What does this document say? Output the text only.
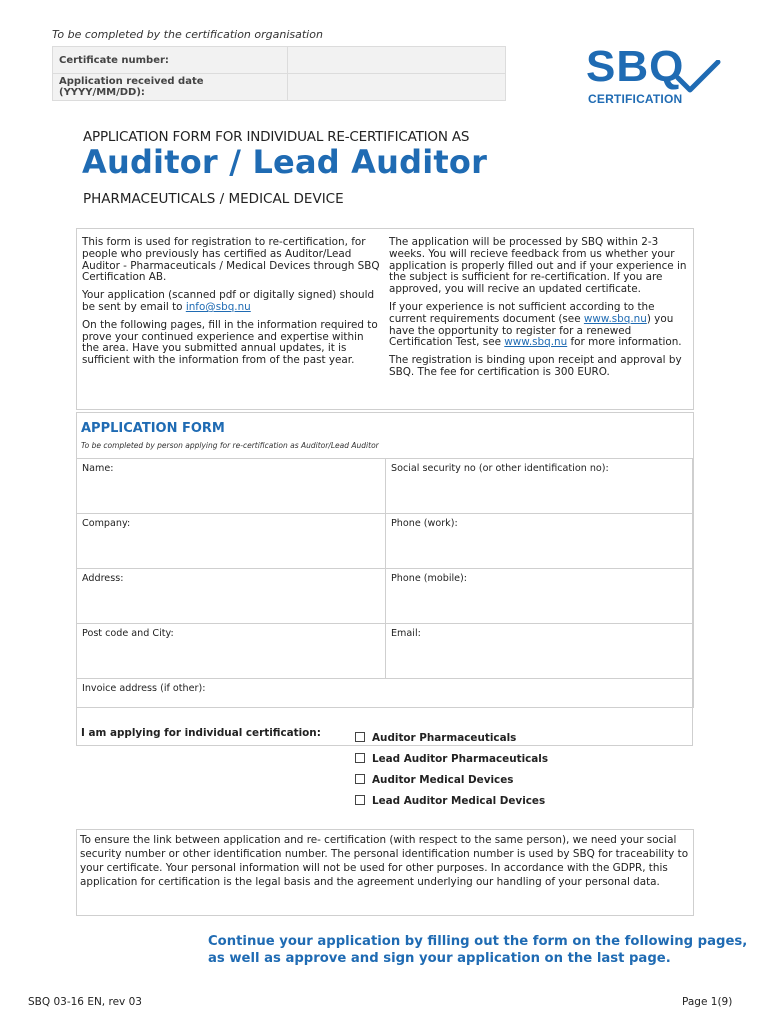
To be completed by the certification organisation
Certificate number:	
Application received date (YYYY/MM/DD):	
SBQ
CERTIFICATION
APPLICATION FORM FOR INDIVIDUAL RE-CERTIFICATION AS
Auditor / Lead Auditor
PHARMACEUTICALS / MEDICAL DEVICE

This form is used for registration to re-certification, for people who previously has certified as Auditor/Lead Auditor - Pharmaceuticals / Medical Devices through SBQ Certification AB.

Your application (scanned pdf or digitally signed) should be sent by email to info@sbq.nu

On the following pages, fill in the information required to prove your continued experience and expertise within the area. Have you submitted annual updates, it is sufficient with the information from of the past year.

The application will be processed by SBQ within 2-3 weeks. You will recieve feedback from us whether your application is properly filled out and if your experience in the subject is sufficient for re-certification. If you are approved, you will recive an updated certificate.

If your experience is not sufficient according to the current requirements document (see www.sbq.nu) you have the opportunity to register for a renewed Certification Test, see www.sbq.nu for more information.

The registration is binding upon receipt and approval by SBQ. The fee for certification is 300 EURO.

APPLICATION FORM
To be completed by person applying for re-certification as Auditor/Lead Auditor
Name:	Social security no (or other identification no):
Company:	Phone (work):
Address:	Phone (mobile):
Post code and City:	Email:
Invoice address (if other):	
I am applying for individual certification:	Auditor Pharmaceuticals
Lead Auditor Pharmaceuticals
Auditor Medical Devices
Lead Auditor Medical Devices
To ensure the link between application and re- certification (with respect to the same person), we need your social security number or other identification number. The personal identification number is used by SBQ for traceability to your certificate. Your personal information will not be used for other purposes. In accordance with the GDPR, this application for certification is the legal basis and the agreement underlying our handling of your personal data.
Continue your application by filling out the form on the following pages,
as well as approve and sign your application on the last page.
SBQ 03-16 EN, rev 03	Page 1(9)
